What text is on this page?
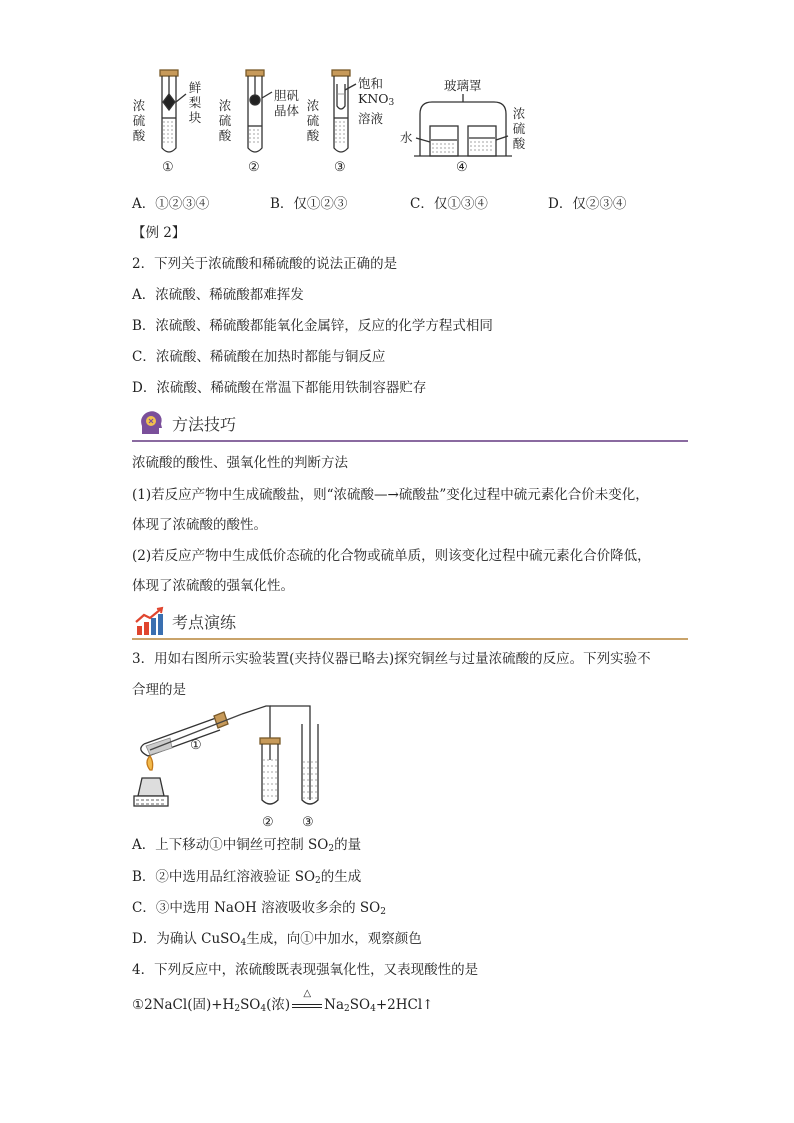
浓
硫
酸
鲜
梨
块
浓
硫
酸
胆矾
晶体 浓
硫
酸
饱和
$KNO_3$
溶液
玻璃罩
水
浓
硫
酸
①	②	③	④
A．①②③④	B．仅①②③	C．仅①③④	D．仅②③④
【例 2】
2．下列关于浓硫酸和稀硫酸的说法正确的是
A．浓硫酸、稀硫酸都难挥发
B．浓硫酸、稀硫酸都能氧化金属锌，反应的化学方程式相同
C．浓硫酸、稀硫酸在加热时都能与铜反应
D．浓硫酸、稀硫酸在常温下都能用铁制容器贮存
方法技巧
浓硫酸的酸性、强氧化性的判断方法
(1)若反应产物中生成硫酸盐，则“浓硫酸—→硫酸盐”变化过程中硫元素化合价未变化，
体现了浓硫酸的酸性。
(2)若反应产物中生成低价态硫的化合物或硫单质，则该变化过程中硫元素化合价降低，
体现了浓硫酸的强氧化性。
考点演练
3．用如右图所示实验装置(夹持仪器已略去)探究铜丝与过量浓硫酸的反应。下列实验不
合理的是
①
② ③
A．上下移动①中铜丝可控制 $SO_2$的量
B．②中选用品红溶液验证 $SO_2$的生成
C．③中选用 NaOH 溶液吸收多余的 $SO_2$
D．为确认 CuSO$_4$生成，向①中加水，观察颜色
4．下列反应中，浓硫酸既表现强氧化性，又表现酸性的是
①2NaCl(固)$+H_2SO_4$(浓)
△
$Na_2SO_4+2HCl↑$
